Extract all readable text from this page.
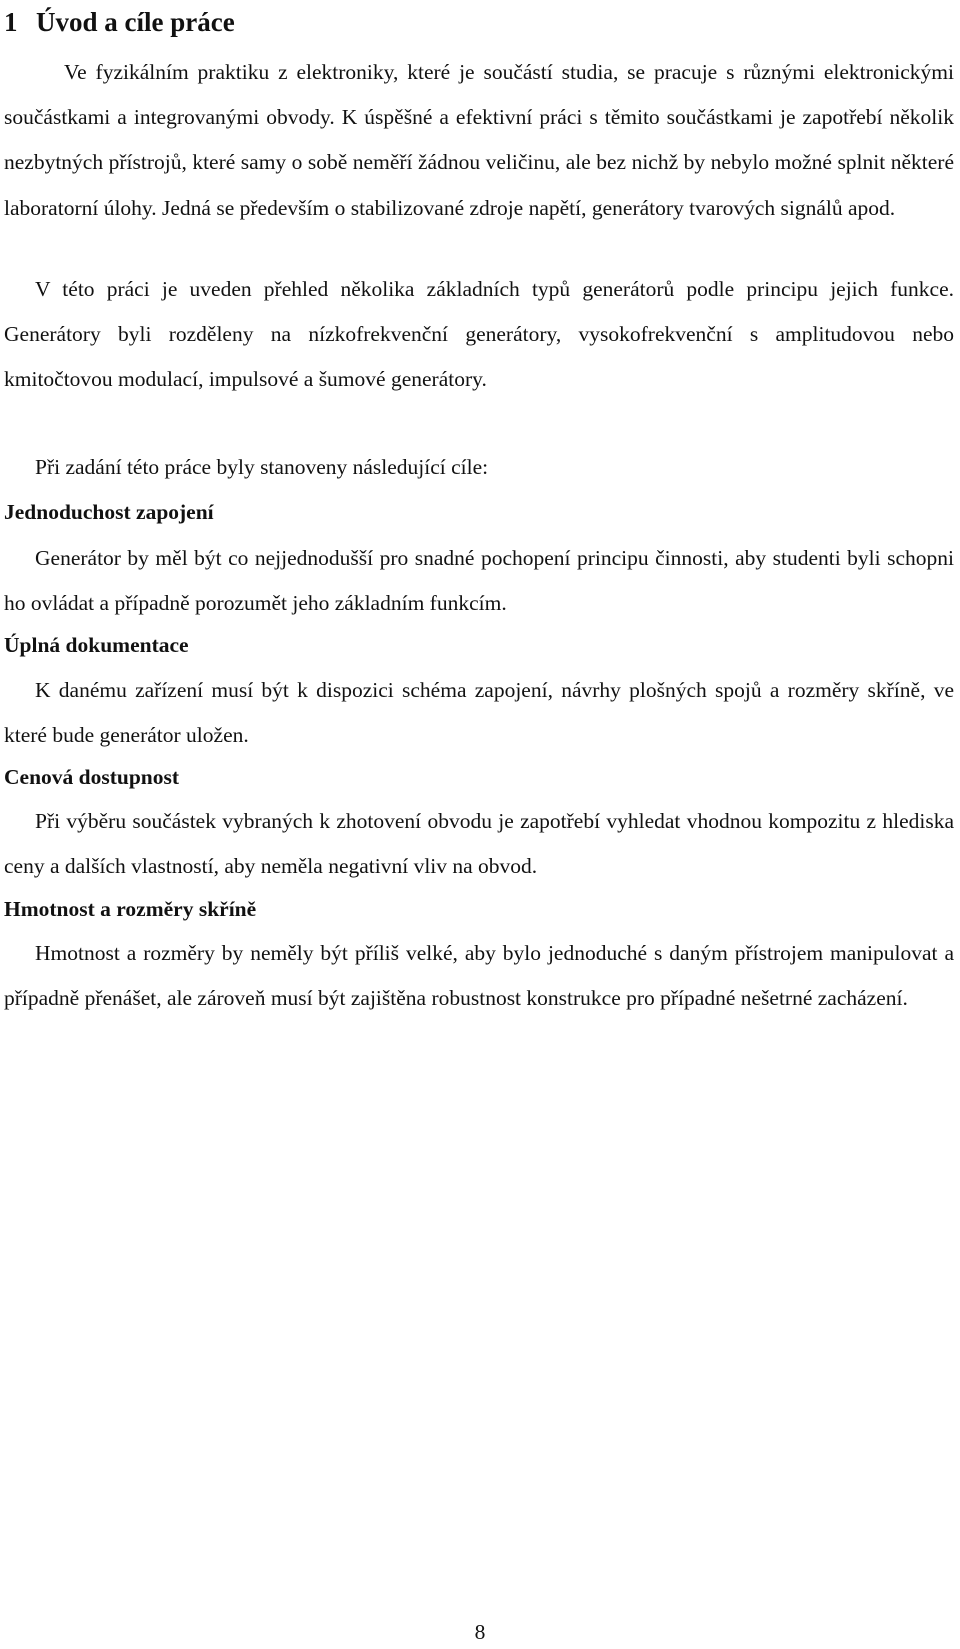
1 Úvod a cíle práce

Ve fyzikálním praktiku z elektroniky, které je součástí studia, se pracuje s různými elektronickými součástkami a integrovanými obvody. K úspěšné a efektivní práci s těmito součástkami je zapotřebí několik nezbytných přístrojů, které samy o sobě neměří žádnou veličinu, ale bez nichž by nebylo možné splnit některé laboratorní úlohy. Jedná se především o stabilizované zdroje napětí, generátory tvarových signálů apod.

V této práci je uveden přehled několika základních typů generátorů podle principu jejich funkce. Generátory byli rozděleny na nízkofrekvenční generátory, vysokofrekvenční s amplitudovou nebo kmitočtovou modulací, impulsové a šumové generátory.

Při zadání této práce byly stanoveny následující cíle:

Jednoduchost zapojení

Generátor by měl být co nejjednodušší pro snadné pochopení principu činnosti, aby studenti byli schopni ho ovládat a případně porozumět jeho základním funkcím.

Úplná dokumentace

K danému zařízení musí být k dispozici schéma zapojení, návrhy plošných spojů a rozměry skříně, ve které bude generátor uložen.

Cenová dostupnost

Při výběru součástek vybraných k zhotovení obvodu je zapotřebí vyhledat vhodnou kompozitu z hlediska ceny a dalších vlastností, aby neměla negativní vliv na obvod.

Hmotnost a rozměry skříně

Hmotnost a rozměry by neměly být příliš velké, aby bylo jednoduché s daným přístrojem manipulovat a případně přenášet, ale zároveň musí být zajištěna robustnost konstrukce pro případné nešetrné zacházení.

8
